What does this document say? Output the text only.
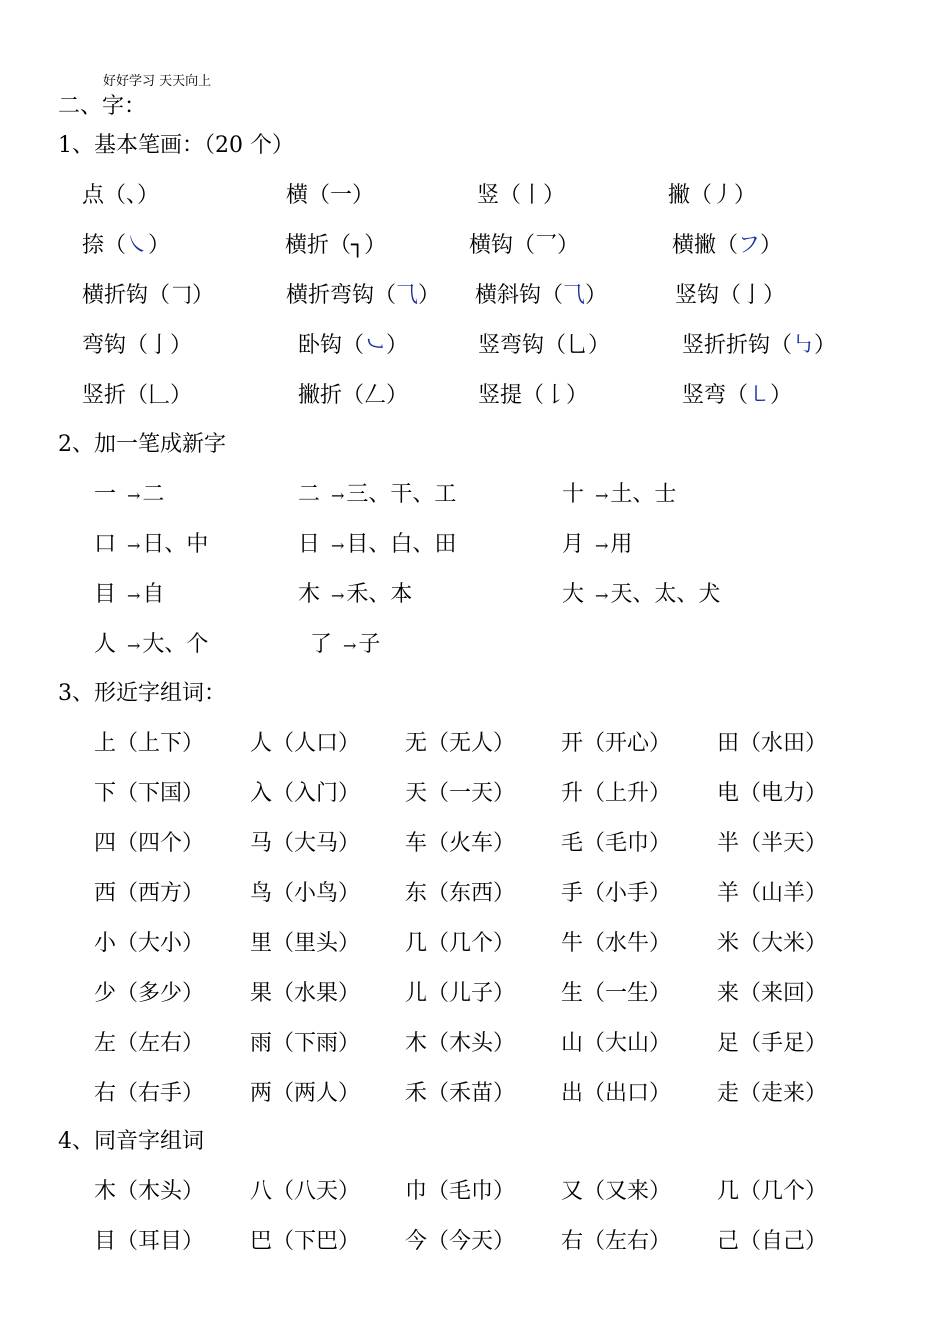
好好学习 天天向上
二、字：
1、基本笔画：（20 个）
点（、）	横（一）	竖（丨）	撇（丿）
捺（㇏）	横折（┐）	横钩（乛）	横撇（フ）
横折钩（𠃌）	横折弯钩（⺄） 横斜钩（⺄）	竖钩（亅）
弯钩（亅）	卧钩（㇃）	竖弯钩（乚）	竖折折钩（㇉）
竖折（𠃊）	撇折（𠃋）	竖提（𠄌）	竖弯（㇄）
2、加一笔成新字
一 →二	二 →三、干、工	十 →土、士
口 →日、中	日 →目、白、田	月 →用
目 →自	木 →禾、本	大 →天、太、犬
人 →大、个	了 →子
3、形近字组词：
上（上下） 人（人口） 无（无人） 开（开心） 田（水田）
下（下国） 入（入门） 天（一天） 升（上升） 电（电力）
四（四个） 马（大马） 车（火车） 毛（毛巾） 半（半天）
西（西方） 鸟（小鸟） 东（东西） 手（小手） 羊（山羊）
小（大小） 里（里头） 几（几个） 牛（水牛） 米（大米）
少（多少） 果（水果） 儿（儿子） 生（一生） 来（来回）
左（左右） 雨（下雨） 木（木头） 山（大山） 足（手足）
右（右手） 两（两人） 禾（禾苗） 出（出口） 走（走来）
4、同音字组词
木（木头） 八（八天） 巾（毛巾） 又（又来） 几（几个）
目（耳目） 巴（下巴） 今（今天） 右（左右） 己（自己）
